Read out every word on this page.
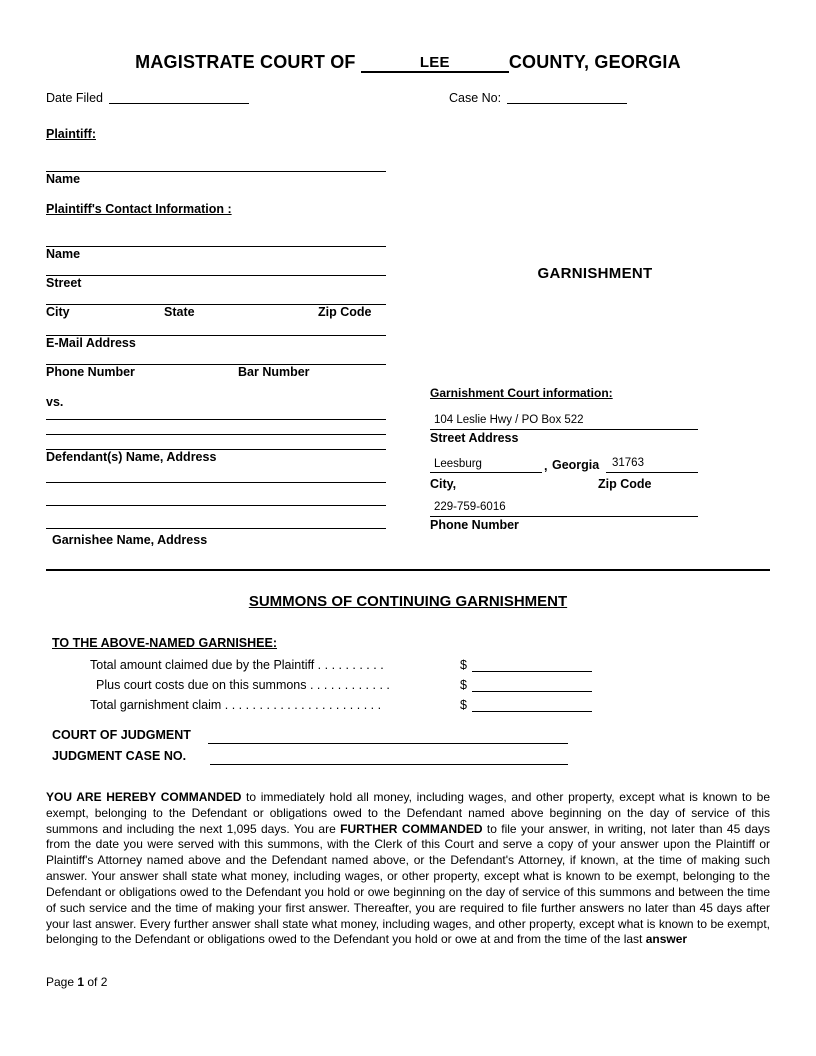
MAGISTRATE COURT OF	LEE	COUNTY, GEORGIA
Date Filed	Case No:
Plaintiff:
Name
Plaintiff's Contact Information :
Name
Street
City	State	Zip Code
E-Mail Address
Phone Number	Bar Number
vs.
Defendant(s) Name, Address
Garnishee Name, Address
GARNISHMENT
Garnishment Court information:
104 Leslie Hwy / PO Box 522
Street Address
Leesburg	, Georgia 31763
City,	Zip Code
229-759-6016
Phone Number
SUMMONS OF CONTINUING GARNISHMENT
TO THE ABOVE-NAMED GARNISHEE:
Total amount claimed due by the Plaintiff . . . . . . . . . .	$
Plus court costs due on this summons . . . . . . . . . . . .	$
Total garnishment claim . . . . . . . . . . . . . . . . . . . . . . .	$
COURT OF JUDGMENT
JUDGMENT CASE NO.
YOU ARE HEREBY COMMANDED to immediately hold all money, including wages, and other property, except what is known to be exempt, belonging to the Defendant or obligations owed to the Defendant named above beginning on the day of service of this summons and including the next 1,095 days. You are FURTHER COMMANDED to file your answer, in writing, not later than 45 days from the date you were served with this summons, with the Clerk of this Court and serve a copy of your answer upon the Plaintiff or Plaintiff's Attorney named above and the Defendant named above, or the Defendant's Attorney, if known, at the time of making such answer. Your answer shall state what money, including wages, or other property, except what is known to be exempt, belonging to the Defendant or obligations owed to the Defendant you hold or owe beginning on the day of service of this summons and between the time of such service and the time of making your first answer. Thereafter, you are required to file further answers no later than 45 days after your last answer. Every further answer shall state what money, including wages, and other property, except what is known to be exempt, belonging to the Defendant or obligations owed to the Defendant you hold or owe at and from the time of the last answer
Page 1 of 2
